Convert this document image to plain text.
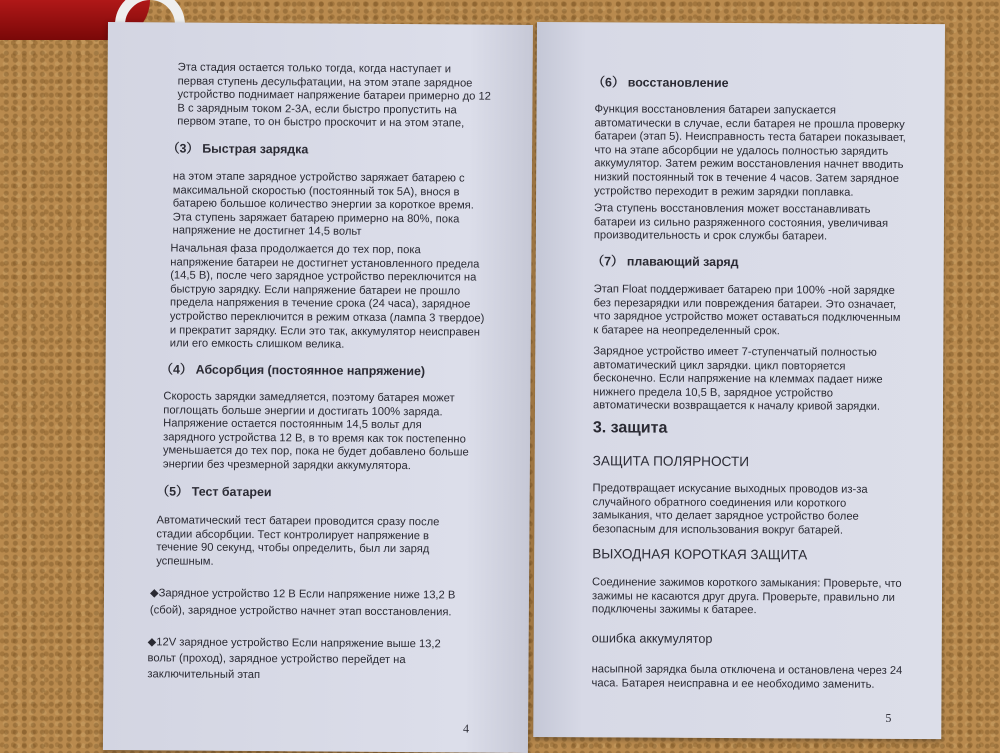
Эта стадия остается только тогда, когда наступает и
первая ступень десульфатации, на этом этапе зарядное
устройство поднимает напряжение батареи примерно до 12
В с зарядным током 2-3А, если быстро пропустить на
первом этапе, то он быстро проскочит и на этом этапе,
（3） Быстрая зарядка
на этом этапе зарядное устройство заряжает батарею с
максимальной скоростью (постоянный ток 5А), внося в
батарею большое количество энергии за короткое время.
Эта ступень заряжает батарею примерно на 80%, пока
напряжение не достигнет 14,5 вольт
Начальная фаза продолжается до тех пор, пока
напряжение батареи не достигнет установленного предела
(14,5 В), после чего зарядное устройство переключится на
быструю зарядку. Если напряжение батареи не прошло
предела напряжения в течение срока (24 часа), зарядное
устройство переключится в режим отказа (лампа 3 твердое)
и прекратит зарядку. Если это так, аккумулятор неисправен
или его емкость слишком велика.
（4） Абсорбция (постоянное напряжение)
Скорость зарядки замедляется, поэтому батарея может
поглощать больше энергии и достигать 100% заряда.
Напряжение остается постоянным 14,5 вольт для
зарядного устройства 12 В, в то время как ток постепенно
уменьшается до тех пор, пока не будет добавлено больше
энергии без чрезмерной зарядки аккумулятора.
（5） Тест батареи
Автоматический тест батареи проводится сразу после
стадии абсорбции. Тест контролирует напряжение в
течение 90 секунд, чтобы определить, был ли заряд
успешным.
◆Зарядное устройство 12 В Если напряжение ниже 13,2 В
(сбой), зарядное устройство начнет этап восстановления.
◆12V зарядное устройство Если напряжение выше 13,2
вольт (проход), зарядное устройство перейдет на
заключительный этап
4
（6） восстановление
Функция восстановления батареи запускается
автоматически в случае, если батарея не прошла проверку
батареи (этап 5). Неисправность теста батареи показывает,
что на этапе абсорбции не удалось полностью зарядить
аккумулятор. Затем режим восстановления начнет вводить
низкий постоянный ток в течение 4 часов. Затем зарядное
устройство переходит в режим зарядки поплавка.
Эта ступень восстановления может восстанавливать
батареи из сильно разряженного состояния, увеличивая
производительность и срок службы батареи.
（7） плавающий заряд
Этап Float поддерживает батарею при 100% -ной зарядке
без перезарядки или повреждения батареи. Это означает,
что зарядное устройство может оставаться подключенным
к батарее на неопределенный срок.
Зарядное устройство имеет 7-ступенчатый полностью
автоматический цикл зарядки. цикл повторяется
бесконечно. Если напряжение на клеммах падает ниже
нижнего предела 10,5 В, зарядное устройство
автоматически возвращается к началу кривой зарядки.
3. защита
ЗАЩИТА ПОЛЯРНОСТИ
Предотвращает искусание выходных проводов из-за
случайного обратного соединения или короткого
замыкания, что делает зарядное устройство более
безопасным для использования вокруг батарей.
ВЫХОДНАЯ КОРОТКАЯ ЗАЩИТА
Соединение зажимов короткого замыкания: Проверьте, что
зажимы не касаются друг друга. Проверьте, правильно ли
подключены зажимы к батарее.
ошибка аккумулятор
насыпной зарядка была отключена и остановлена через 24
часа. Батарея неисправна и ее необходимо заменить.
5
